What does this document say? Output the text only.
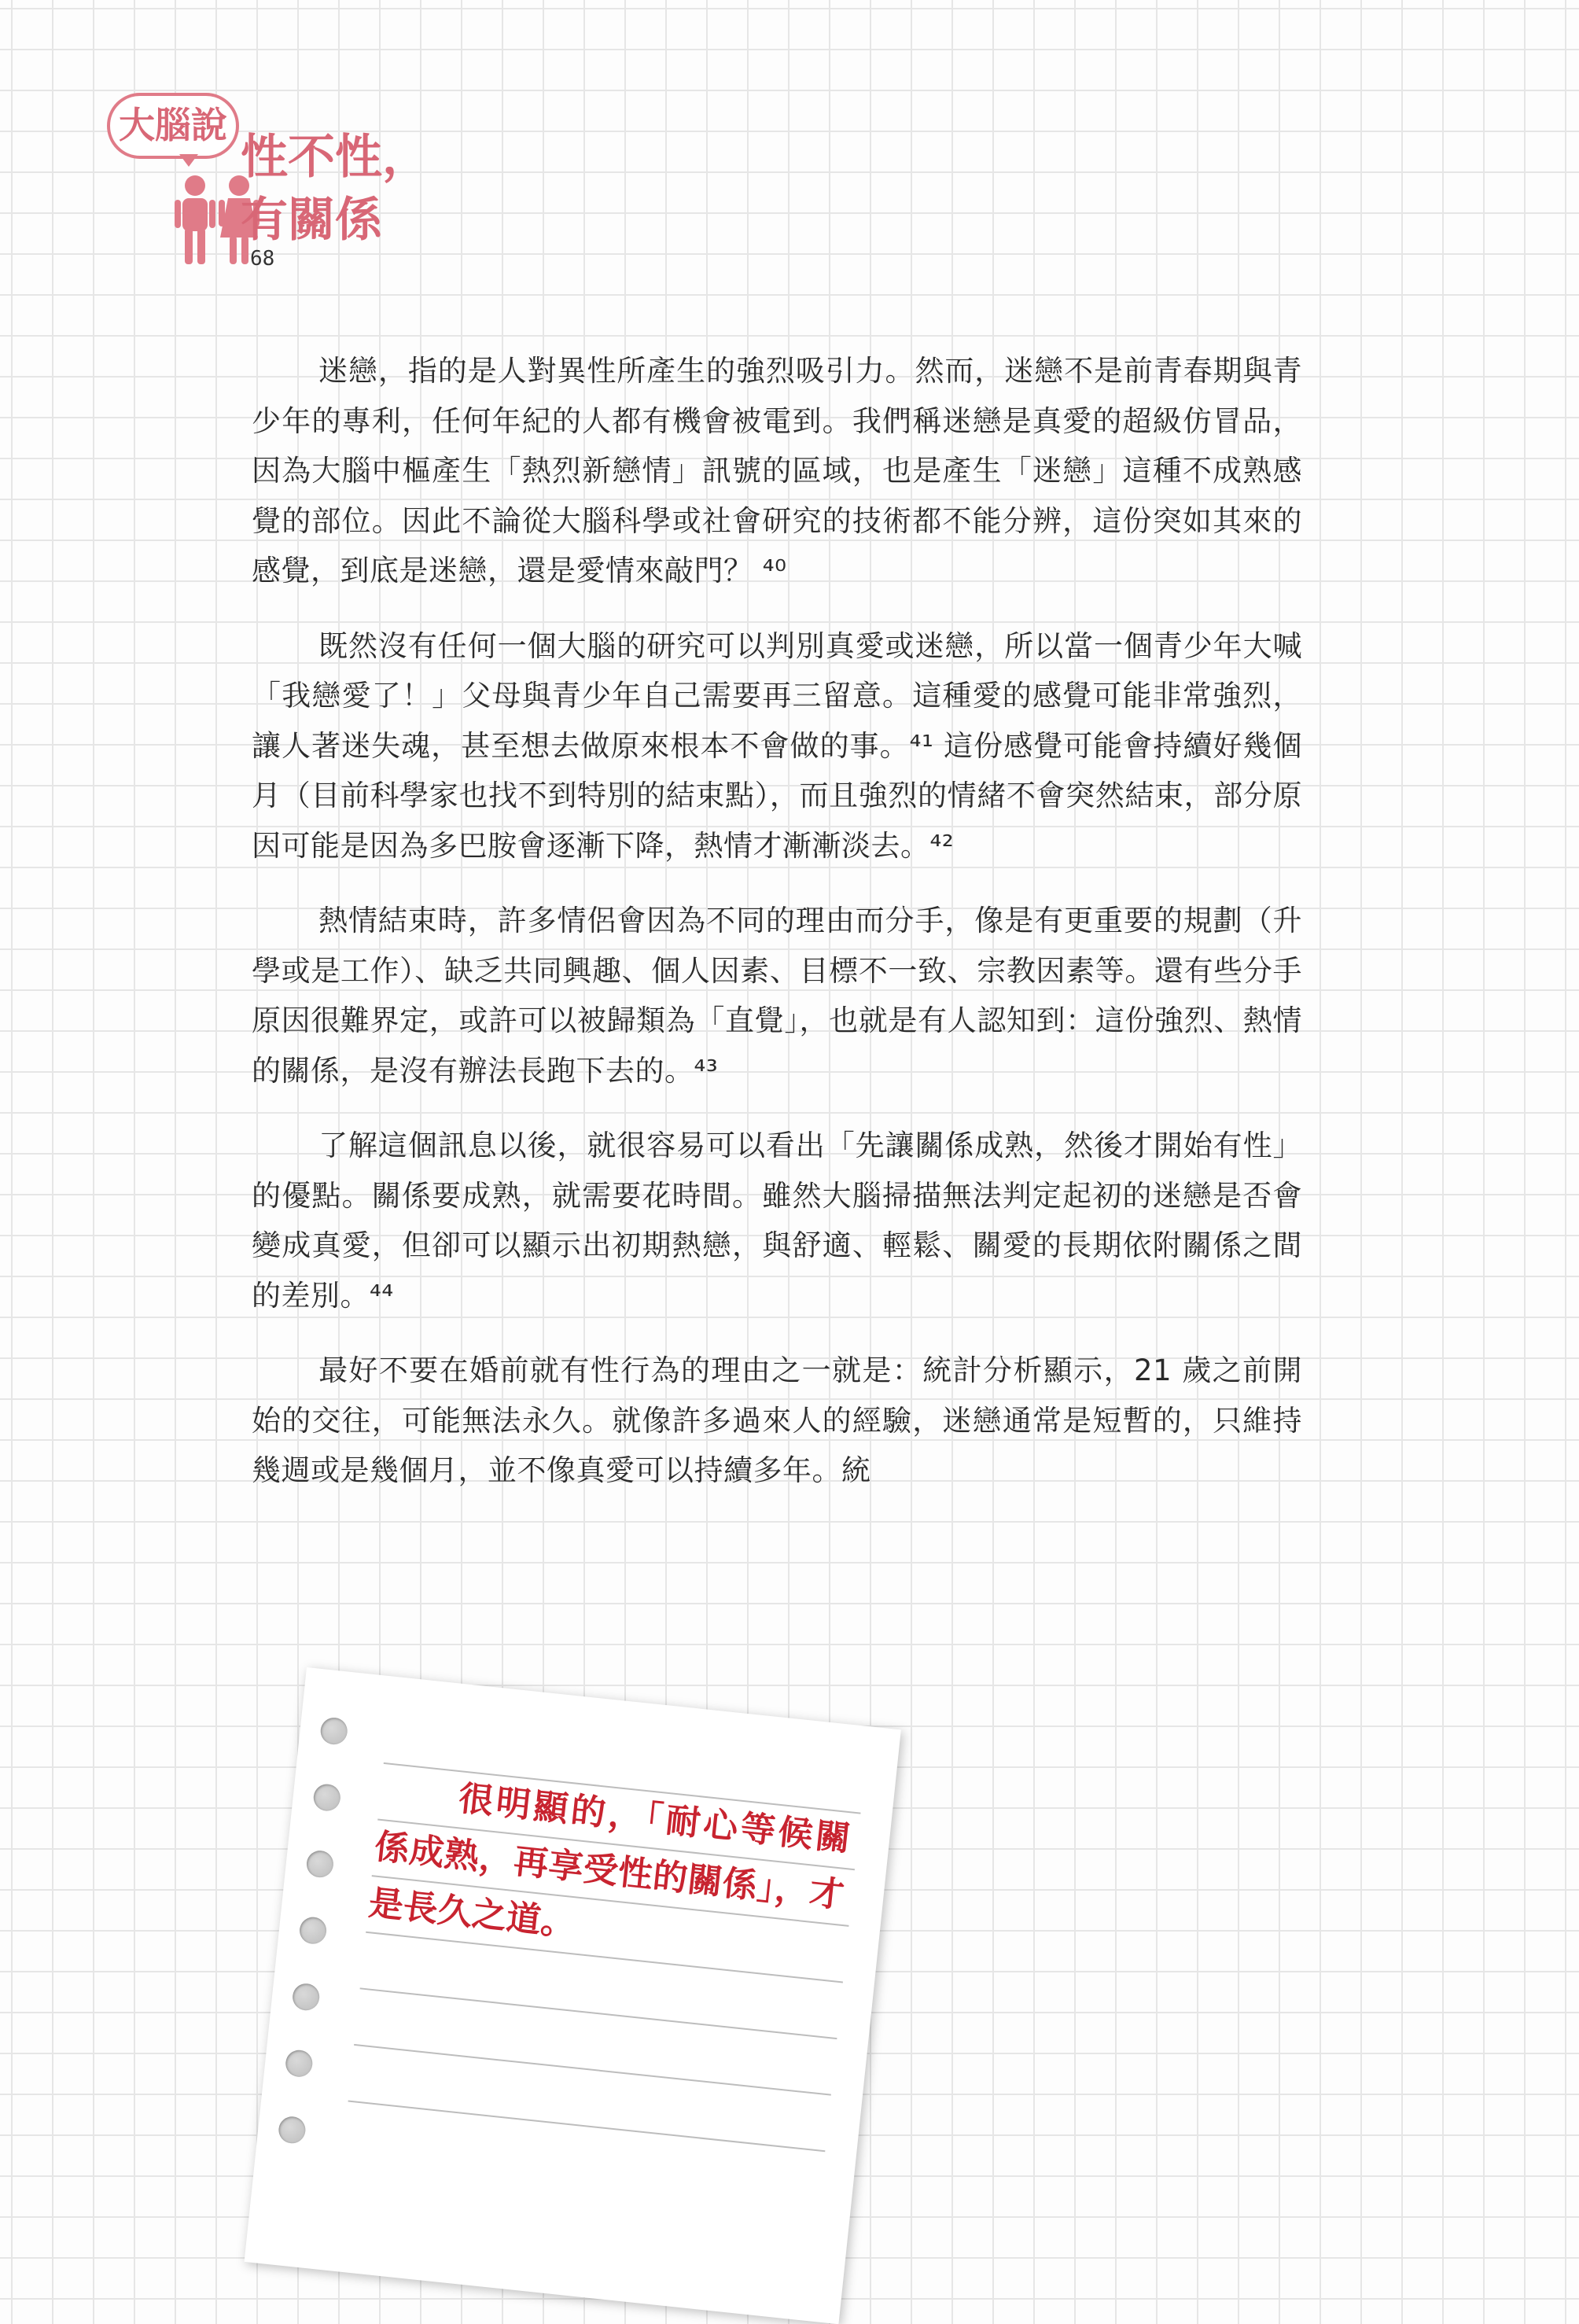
大腦說
性不性，有關係
68

迷戀，指的是人對異性所產生的強烈吸引力。然而，迷戀不是前青春期與青少年的專利，任何年紀的人都有機會被電到。我們稱迷戀是真愛的超級仿冒品，因為大腦中樞產生「熱烈新戀情」訊號的區域，也是產生「迷戀」這種不成熟感覺的部位。因此不論從大腦科學或社會研究的技術都不能分辨，這份突如其來的感覺，到底是迷戀，還是愛情來敲門？ ⁴⁰

既然沒有任何一個大腦的研究可以判別真愛或迷戀，所以當一個青少年大喊「我戀愛了！」父母與青少年自己需要再三留意。這種愛的感覺可能非常強烈，讓人著迷失魂，甚至想去做原來根本不會做的事。⁴¹ 這份感覺可能會持續好幾個月（目前科學家也找不到特別的結束點），而且強烈的情緒不會突然結束，部分原因可能是因為多巴胺會逐漸下降，熱情才漸漸淡去。⁴²

熱情結束時，許多情侶會因為不同的理由而分手，像是有更重要的規劃（升學或是工作）、缺乏共同興趣、個人因素、目標不一致、宗教因素等。還有些分手原因很難界定，或許可以被歸類為「直覺」，也就是有人認知到：這份強烈、熱情的關係，是沒有辦法長跑下去的。⁴³

了解這個訊息以後，就很容易可以看出「先讓關係成熟，然後才開始有性」的優點。關係要成熟，就需要花時間。雖然大腦掃描無法判定起初的迷戀是否會變成真愛，但卻可以顯示出初期熱戀，與舒適、輕鬆、關愛的長期依附關係之間的差別。⁴⁴

最好不要在婚前就有性行為的理由之一就是：統計分析顯示，21 歲之前開始的交往，可能無法永久。就像許多過來人的經驗，迷戀通常是短暫的，只維持幾週或是幾個月，並不像真愛可以持續多年。統

很明顯的，「耐心等候關係成熟，再享受性的關係」，才是長久之道。
